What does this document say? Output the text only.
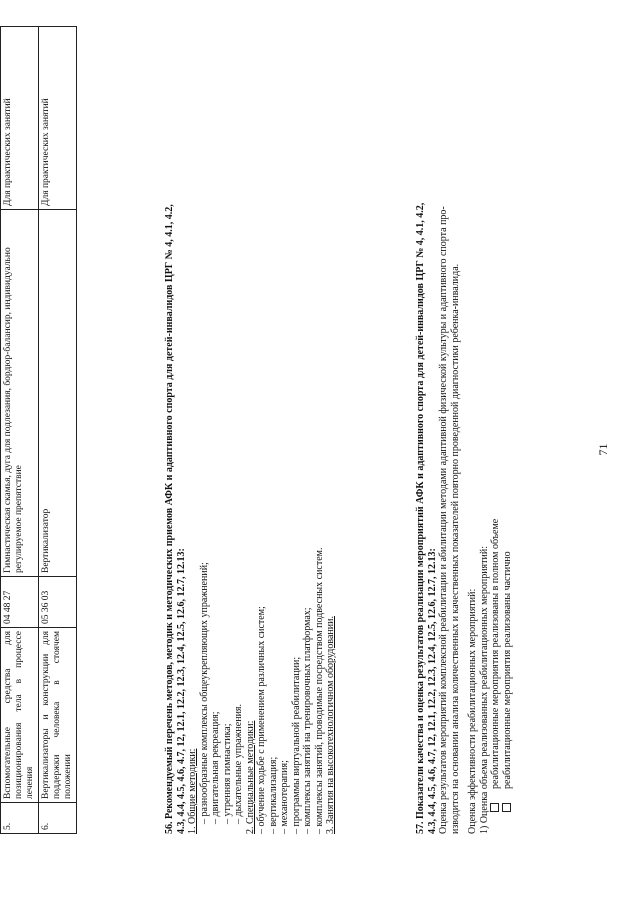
5.	Вспомогательные средства для позиционирования тела в процессе лечения	04 48 27	Гимнастическая скамья, дуга для подлезания, бордюр-балансир, индивидуально регулируемое препятствие	Для практических занятий
6.	Вертикализаторы и конструкции для поддержки человека в стоячем положении	05 36 03	Вертикализатор	Для практических занятий
56. Рекомендуемый перечень методов, методик и методических приемов АФК и адаптивного спорта для детей-инвалидов ЦРГ № 4, 4.1, 4.2, 4.3, 4.4, 4.5, 4.6, 4.7, 12, 12.1, 12.2, 12.3, 12.4, 12.5, 12.6, 12.7, 12.13: 1. Общие методики: – разнообразные комплексы общеукрепляющих упражнений; – двигательная рекреация; – утренняя гимнастика; – дыхательные упражнения. 2. Специальные методики: – обучение ходьбе с применением различных систем; – вертикализация; – механотерапия; – программы виртуальной реабилитации; – комплексы занятий на тренировочных платформах; – комплексы занятий, проводимые посредством подвесных систем. 3. Занятия на высокотехнологичном оборудовании.	57. Показатели качества и оценка результатов реализации мероприятий АФК и адаптивного спорта для детей-инвалидов ЦРГ № 4, 4.1, 4.2, 4.3, 4.4, 4.5, 4.6, 4.7, 12, 12.1, 12.2, 12.3, 12.4, 12.5, 12.6, 12.7, 12.13: Оценка результатов мероприятий комплексной реабилитации и абилитации методами адаптивной физической культуры и адаптивного спорта про- изводится на основании анализа количественных и качественных показателей повторно проведенной диагностики ребенка-инвалида. Оценка эффективности реабилитационных мероприятий: 1) Оценка объема реализованных реабилитационных мероприятий: реабилитационные мероприятия реализованы в полном объеме реабилитационные мероприятия реализованы частично
71
